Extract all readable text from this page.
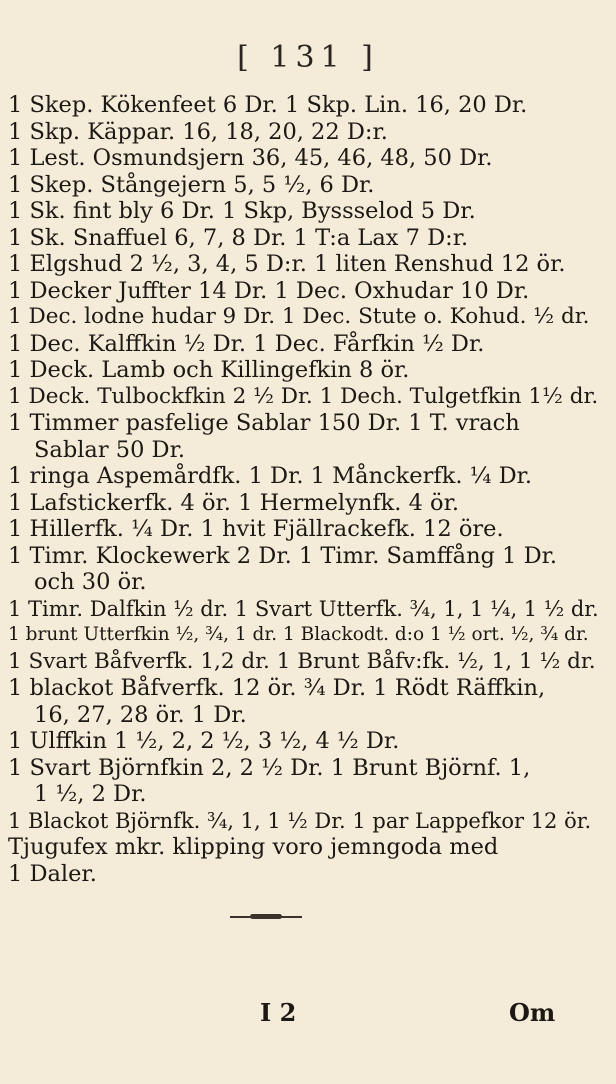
[ 131 ]
1 Skep. Kökenfeet 6 Dr. 1 Skp. Lin. 16, 20 Dr.
1 Skp. Käppar. 16, 18, 20, 22 D:r.
1 Lest. Osmundsjern 36, 45, 46, 48, 50 Dr.
1 Skep. Stångejern 5, 5 ½, 6 Dr.
1 Sk. fint bly 6 Dr. 1 Skp, Byssselod 5 Dr.
1 Sk. Snaffuel 6, 7, 8 Dr. 1 T:a Lax 7 D:r.
1 Elgshud 2 ½, 3, 4, 5 D:r. 1 liten Renshud 12 ör.
1 Decker Juffter 14 Dr. 1 Dec. Oxhudar 10 Dr.
1 Dec. lodne hudar 9 Dr. 1 Dec. Stute o. Kohud. ½ dr.
1 Dec. Kalffkin ½ Dr. 1 Dec. Fårfkin ½ Dr.
1 Deck. Lamb och Killingefkin 8 ör.
1 Deck. Tulbockfkin 2 ½ Dr. 1 Dech. Tulgetfkin 1½ dr.
1 Timmer pasfelige Sablar 150 Dr. 1 T. vrach
Sablar 50 Dr.
1 ringa Aspemårdfk. 1 Dr. 1 Månckerfk. ¼ Dr.
1 Lafstickerfk. 4 ör. 1 Hermelynfk. 4 ör.
1 Hillerfk. ¼ Dr. 1 hvit Fjällrackefk. 12 öre.
1 Timr. Klockewerk 2 Dr. 1 Timr. Samffång 1 Dr.
och 30 ör.
1 Timr. Dalfkin ½ dr. 1 Svart Utterfk. ¾, 1, 1 ¼, 1 ½ dr.
1 brunt Utterfkin ½, ¾, 1 dr. 1 Blackodt. d:o 1 ½ ort. ½, ¾ dr.
1 Svart Båfverfk. 1,2 dr. 1 Brunt Båfv:fk. ½, 1, 1 ½ dr.
1 blackot Båfverfk. 12 ör. ¾ Dr. 1 Rödt Räffkin,
16, 27, 28 ör. 1 Dr.
1 Ulffkin 1 ½, 2, 2 ½, 3 ½, 4 ½ Dr.
1 Svart Björnfkin 2, 2 ½ Dr. 1 Brunt Björnf. 1,
1 ½, 2 Dr.
1 Blackot Björnfk. ¾, 1, 1 ½ Dr. 1 par Lappefkor 12 ör.
Tjugufex mkr. klipping voro jemngoda med
1 Daler.
I 2	Om
